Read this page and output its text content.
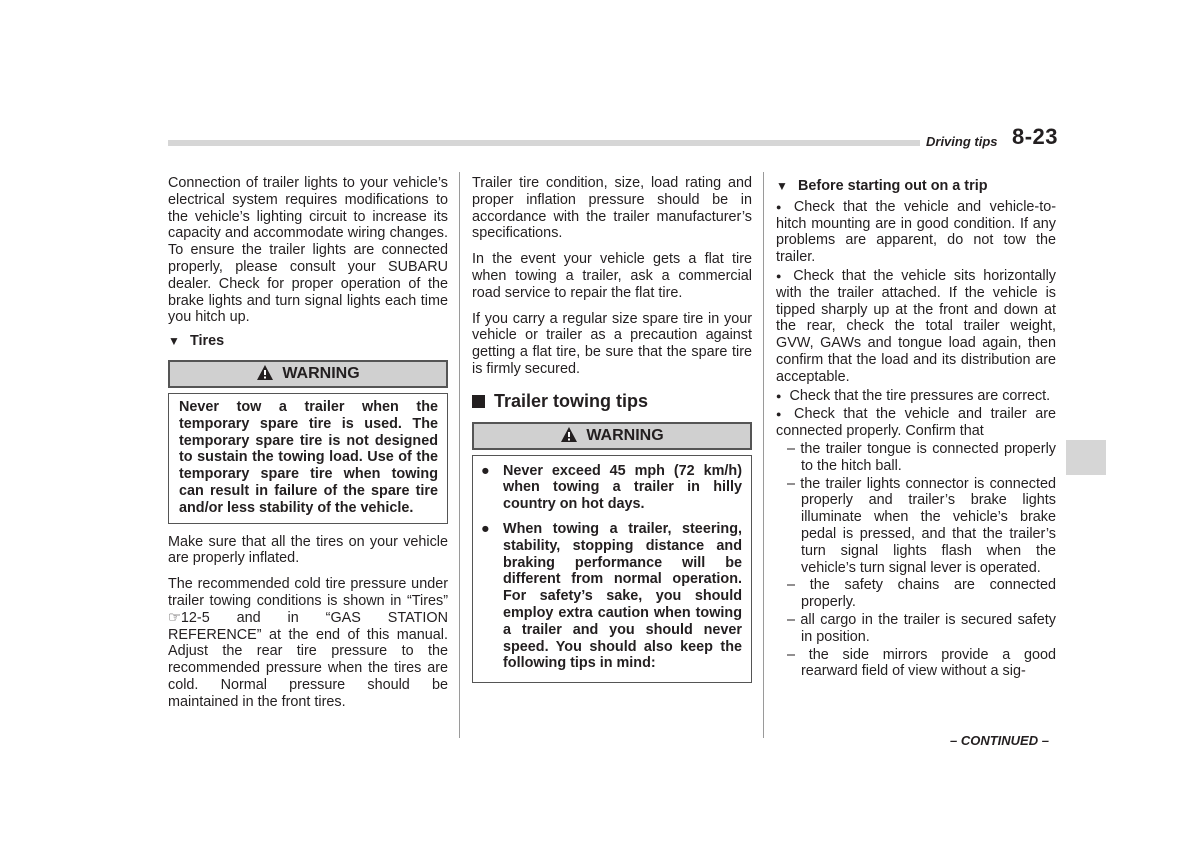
Driving tips 8-23

Connection of trailer lights to your vehicle’s electrical system requires modifications to the vehicle’s lighting circuit to increase its capacity and accommodate wiring changes. To ensure the trailer lights are connected properly, please consult your SUBARU dealer. Check for proper operation of the brake lights and turn signal lights each time you hitch up.

▼ Tires

WARNING

Never tow a trailer when the temporary spare tire is used. The temporary spare tire is not designed to sustain the towing load. Use of the temporary spare tire when towing can result in failure of the spare tire and/or less stability of the vehicle.

Make sure that all the tires on your vehicle are properly inflated.

The recommended cold tire pressure under trailer towing conditions is shown in “Tires” ☞12-5 and in “GAS STATION REFERENCE” at the end of this manual. Adjust the rear tire pressure to the recommended pressure when the tires are cold. Normal pressure should be maintained in the front tires.

Trailer tire condition, size, load rating and proper inflation pressure should be in accordance with the trailer manufacturer’s specifications.

In the event your vehicle gets a flat tire when towing a trailer, ask a commercial road service to repair the flat tire.

If you carry a regular size spare tire in your vehicle or trailer as a precaution against getting a flat tire, be sure that the spare tire is firmly secured.

Trailer towing tips
WARNING
● Never exceed 45 mph (72 km/h) when towing a trailer in hilly country on hot days.
● When towing a trailer, steering, stability, stopping distance and braking performance will be different from normal operation. For safety’s sake, you should employ extra caution when towing a trailer and you should never speed. You should also keep the following tips in mind:

▼ Before starting out on a trip

● Check that the vehicle and vehicle-to-hitch mounting are in good condition. If any problems are apparent, do not tow the trailer.

● Check that the vehicle sits horizontally with the trailer attached. If the vehicle is tipped sharply up at the front and down at the rear, check the total trailer weight, GVW, GAWs and tongue load again, then confirm that the load and its distribution are acceptable.

● Check that the tire pressures are correct.

● Check that the vehicle and trailer are connected properly. Confirm that

– the trailer tongue is connected properly to the hitch ball.

– the trailer lights connector is connected properly and trailer’s brake lights illuminate when the vehicle’s brake pedal is pressed, and that the trailer’s turn signal lights flash when the vehicle’s turn signal lever is operated.

– the safety chains are connected properly.

– all cargo in the trailer is secured safety in position.

– the side mirrors provide a good rearward field of view without a sig-

– CONTINUED –
